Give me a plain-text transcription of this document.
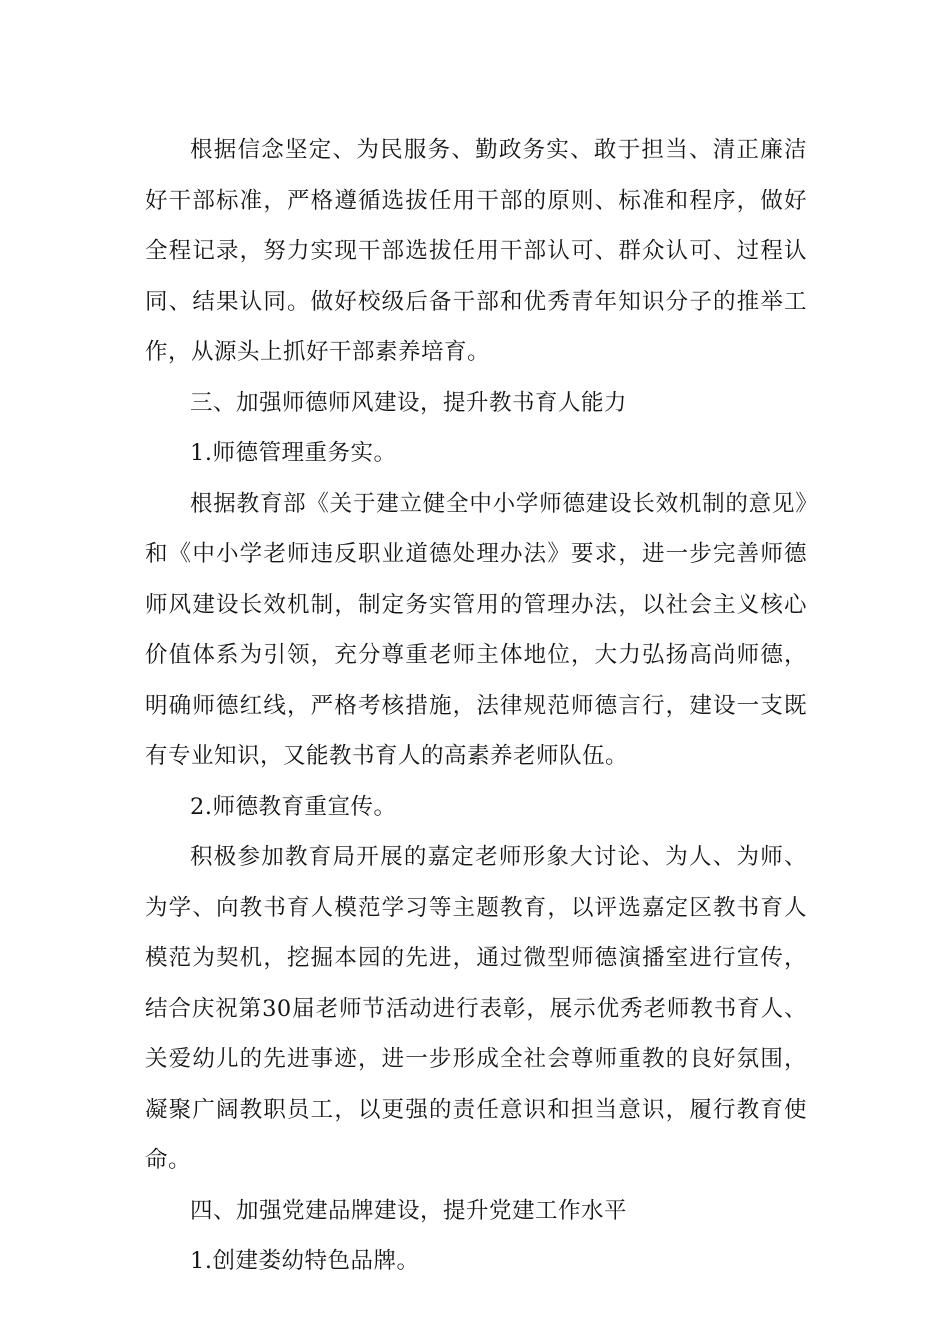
根据信念坚定、为民服务、勤政务实、敢于担当、清正廉洁好干部标准，严格遵循选拔任用干部的原则、标准和程序，做好全程记录，努力实现干部选拔任用干部认可、群众认可、过程认同、结果认同。做好校级后备干部和优秀青年知识分子的推举工作，从源头上抓好干部素养培育。

三、加强师德师风建设，提升教书育人能力

1.师德管理重务实。

根据教育部《关于建立健全中小学师德建设长效机制的意见》和《中小学老师违反职业道德处理办法》要求，进一步完善师德师风建设长效机制，制定务实管用的管理办法，以社会主义核心价值体系为引领，充分尊重老师主体地位，大力弘扬高尚师德，明确师德红线，严格考核措施，法律规范师德言行，建设一支既有专业知识，又能教书育人的高素养老师队伍。

2.师德教育重宣传。

积极参加教育局开展的嘉定老师形象大讨论、为人、为师、为学、向教书育人模范学习等主题教育，以评选嘉定区教书育人模范为契机，挖掘本园的先进，通过微型师德演播室进行宣传，结合庆祝第30届老师节活动进行表彰，展示优秀老师教书育人、关爱幼儿的先进事迹，进一步形成全社会尊师重教的良好氛围，凝聚广阔教职员工，以更强的责任意识和担当意识，履行教育使命。

四、加强党建品牌建设，提升党建工作水平

1.创建娄幼特色品牌。
